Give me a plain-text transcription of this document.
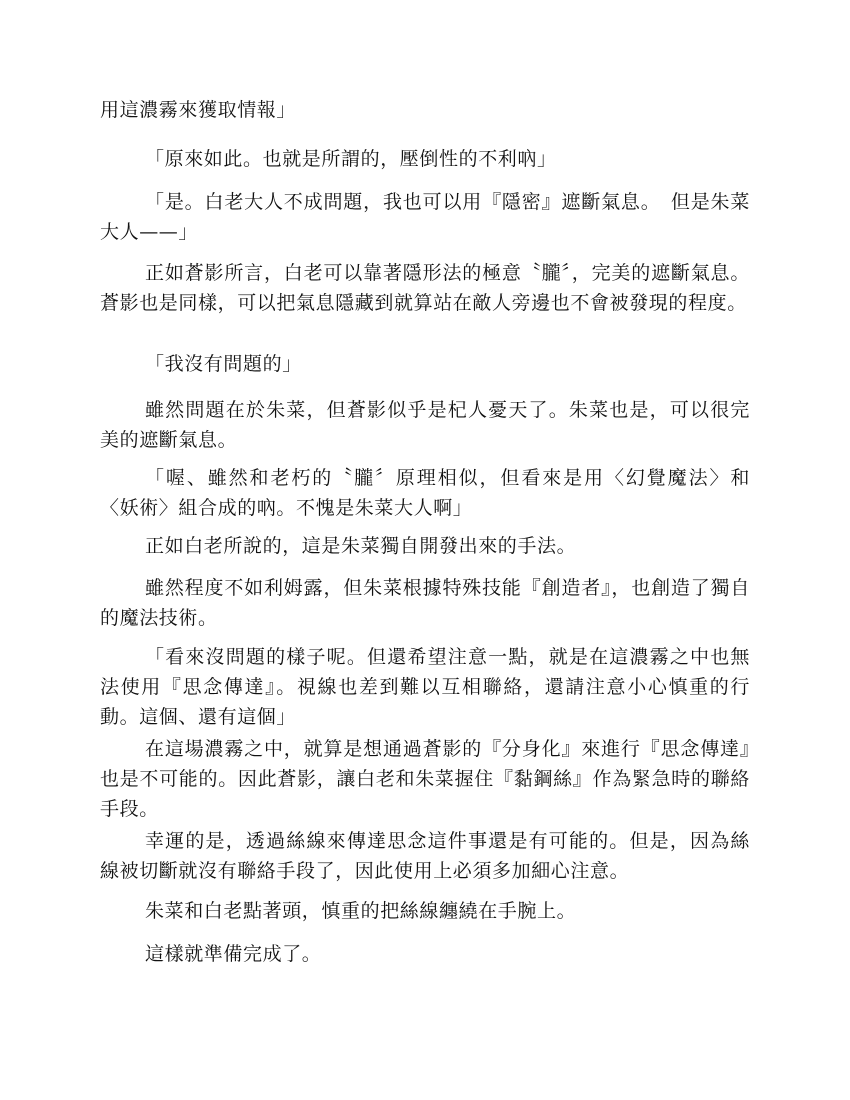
用這濃霧來獲取情報」

「原來如此。也就是所謂的，壓倒性的不利吶」

「是。白老大人不成問題，我也可以用『隱密』遮斷氣息。　但是朱菜大人——」

正如蒼影所言，白老可以靠著隱形法的極意〝朧〞，完美的遮斷氣息。蒼影也是同樣，可以把氣息隱藏到就算站在敵人旁邊也不會被發現的程度。

「我沒有問題的」

雖然問題在於朱菜，但蒼影似乎是杞人憂天了。朱菜也是，可以很完美的遮斷氣息。

「喔、雖然和老朽的〝朧〞原理相似，但看來是用〈幻覺魔法〉和〈妖術〉組合成的吶。不愧是朱菜大人啊」

正如白老所說的，這是朱菜獨自開發出來的手法。

雖然程度不如利姆露，但朱菜根據特殊技能『創造者』，也創造了獨自的魔法技術。

「看來沒問題的樣子呢。但還希望注意一點，就是在這濃霧之中也無法使用『思念傳達』。視線也差到難以互相聯絡，還請注意小心慎重的行動。這個、還有這個」

在這場濃霧之中，就算是想通過蒼影的『分身化』來進行『思念傳達』也是不可能的。因此蒼影，讓白老和朱菜握住『黏鋼絲』作為緊急時的聯絡手段。

幸運的是，透過絲線來傳達思念這件事還是有可能的。但是，因為絲線被切斷就沒有聯絡手段了，因此使用上必須多加細心注意。

朱菜和白老點著頭，慎重的把絲線纏繞在手腕上。

這樣就準備完成了。
